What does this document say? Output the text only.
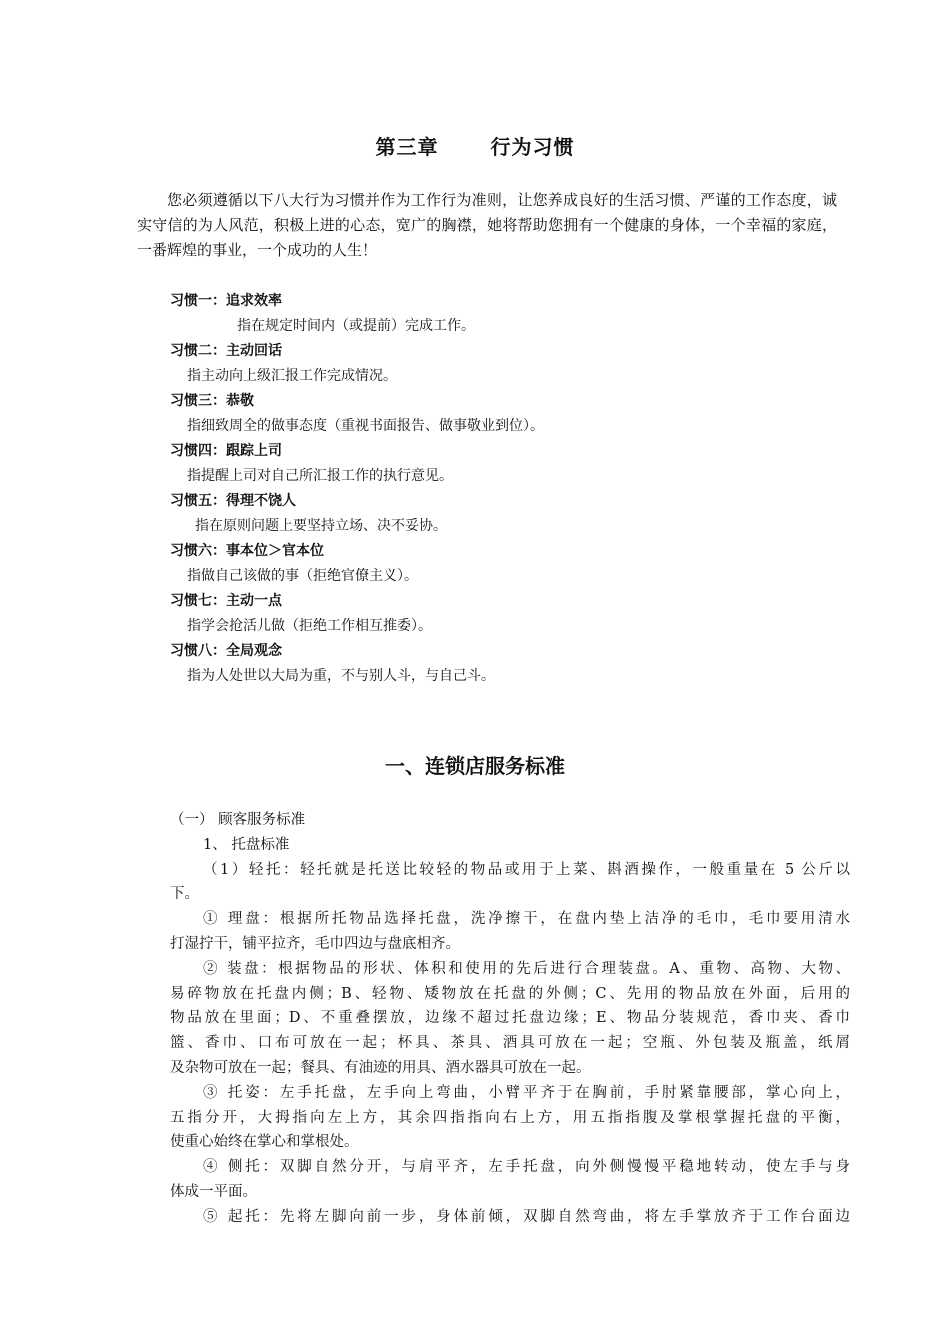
第三章	行为习惯

您必须遵循以下八大行为习惯并作为工作行为准则，让您养成良好的生活习惯、严谨的工作态度，诚实守信的为人风范，积极上进的心态，宽广的胸襟，她将帮助您拥有一个健康的身体，一个幸福的家庭，一番辉煌的事业，一个成功的人生！

习惯一：追求效率
指在规定时间内（或提前）完成工作。
习惯二：主动回话
指主动向上级汇报工作完成情况。
习惯三：恭敬
指细致周全的做事态度（重视书面报告、做事敬业到位）。
习惯四：跟踪上司
指提醒上司对自己所汇报工作的执行意见。
习惯五：得理不饶人
指在原则问题上要坚持立场、决不妥协。
习惯六：事本位＞官本位
指做自己该做的事（拒绝官僚主义）。
习惯七：主动一点
指学会抢活儿做（拒绝工作相互推委）。
习惯八：全局观念
指为人处世以大局为重，不与别人斗，与自己斗。
一、连锁店服务标准
（一） 顾客服务标准
1、 托盘标准
（1）轻托：轻托就是托送比较轻的物品或用于上菜、斟酒操作，一般重量在 5 公斤以
下。
① 理盘：根据所托物品选择托盘，洗净擦干，在盘内垫上洁净的毛巾，毛巾要用清水
打湿拧干，铺平拉齐，毛巾四边与盘底相齐。
② 装盘：根据物品的形状、体积和使用的先后进行合理装盘。A、重物、高物、大物、
易碎物放在托盘内侧；B、轻物、矮物放在托盘的外侧；C、先用的物品放在外面，后用的
物品放在里面；D、不重叠摆放，边缘不超过托盘边缘；E、物品分装规范，香巾夹、香巾
篮、香巾、口布可放在一起；杯具、茶具、酒具可放在一起；空瓶、外包装及瓶盖，纸屑
及杂物可放在一起；餐具、有油迹的用具、酒水器具可放在一起。
③ 托姿：左手托盘，左手向上弯曲，小臂平齐于在胸前，手肘紧靠腰部，掌心向上，
五指分开，大拇指向左上方，其余四指指向右上方，用五指指腹及掌根掌握托盘的平衡，
使重心始终在掌心和掌根处。
④ 侧托：双脚自然分开，与肩平齐，左手托盘，向外侧慢慢平稳地转动，使左手与身
体成一平面。
⑤ 起托：先将左脚向前一步，身体前倾，双脚自然弯曲，将左手掌放齐于工作台面边
